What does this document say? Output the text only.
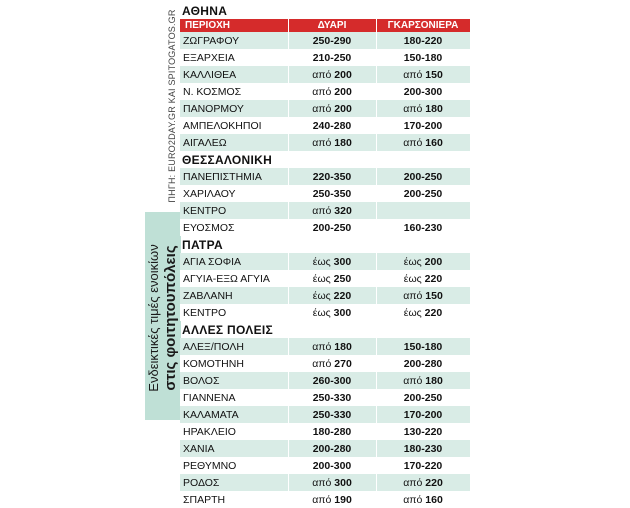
ΠΗΓΗ: EURO2DAY.GR ΚΑΙ SPITOGATOS.GR
Ενδεικτικές τιμές ενοικίων στις φοιτητουπόλεις
ΑΘΗΝΑ
ΠΕΡΙΟΧΗ	ΔΥΑΡΙ	ΓΚΑΡΣΟΝΙΕΡΑ
ΖΩΓΡΑΦΟΥ	250-290	180-220
ΕΞΑΡΧΕΙΑ	210-250	150-180
ΚΑΛΛΙΘΕΑ	από 200	από 150
Ν. ΚΟΣΜΟΣ	από 200	200-300
ΠΑΝΟΡΜΟΥ	από 200	από 180
ΑΜΠΕΛΟΚΗΠΟΙ	240-280	170-200
ΑΙΓΑΛΕΩ	από 180	από 160
ΘΕΣΣΑΛΟΝΙΚΗ
ΠΑΝΕΠΙΣΤΗΜΙΑ	220-350	200-250
ΧΑΡΙΛΑΟΥ	250-350	200-250
ΚΕΝΤΡΟ	από 320
ΕΥΟΣΜΟΣ	200-250	160-230
ΠΑΤΡΑ
ΑΓΙΑ ΣΟΦΙΑ	έως 300	έως 200
ΑΓΥΙΑ-ΕΞΩ ΑΓΥΙΑ	έως 250	έως 220
ΖΑΒΛΑΝΗ	έως 220	από 150
ΚΕΝΤΡΟ	έως 300	έως 220
ΑΛΛΕΣ ΠΟΛΕΙΣ
ΑΛΕΞ/ΠΟΛΗ	από 180	150-180
ΚΟΜΟΤΗΝΗ	από 270	200-280
ΒΟΛΟΣ	260-300	από 180
ΓΙΑΝΝΕΝΑ	250-330	200-250
ΚΑΛΑΜΑΤΑ	250-330	170-200
ΗΡΑΚΛΕΙΟ	180-280	130-220
ΧΑΝΙΑ	200-280	180-230
ΡΕΘΥΜΝΟ	200-300	170-220
ΡΟΔΟΣ	από 300	από 220
ΣΠΑΡΤΗ	από 190	από 160
